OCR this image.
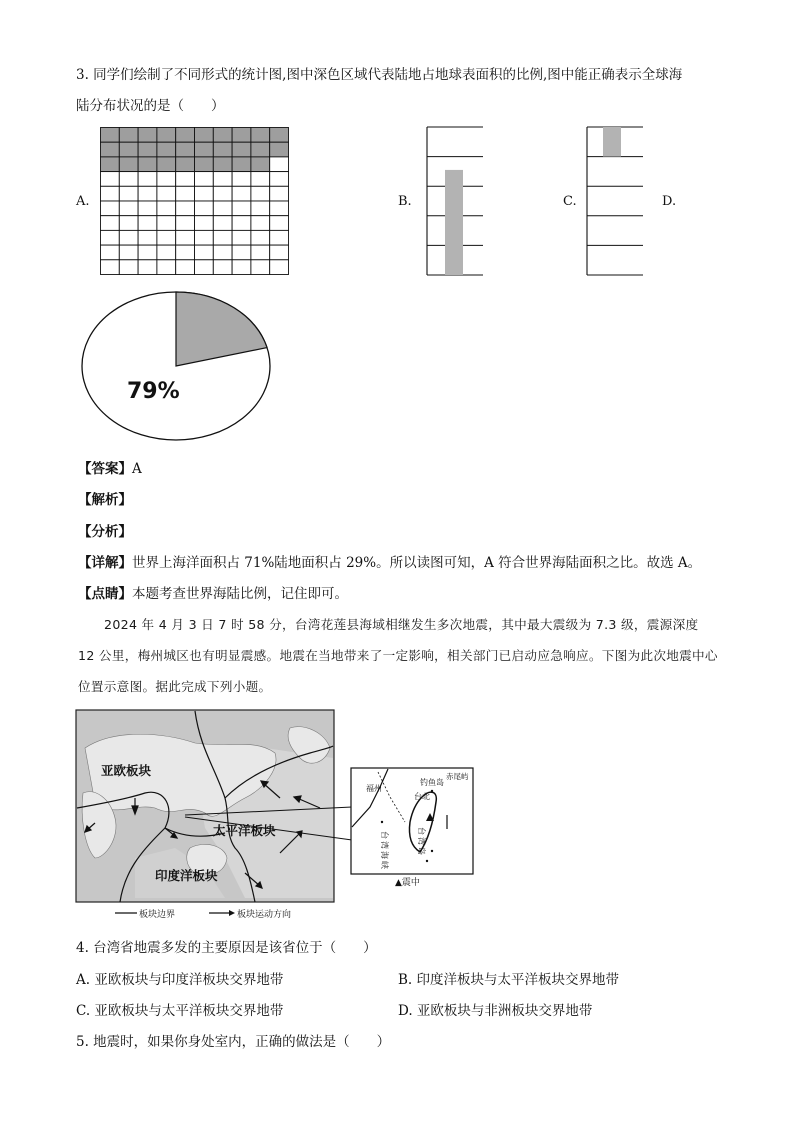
3. 同学们绘制了不同形式的统计图,图中深色区域代表陆地占地球表面积的比例,图中能正确表示全球海
陆分布状况的是（　　）
A.	B.	C.	D.
79%
【答案】A
【解析】
【分析】
【详解】世界上海洋面积占 71%陆地面积占 29%。所以读图可知，A 符合世界海陆面积之比。故选 A。
【点睛】本题考查世界海陆比例，记住即可。
2024 年 4 月 3 日 7 时 58 分，台湾花莲县海域相继发生多次地震，其中最大震级为 7.3 级，震源深度 12 公里，梅州城区也有明显震感。地震在当地带来了一定影响，相关部门已启动应急响应。下图为此次地震中心位置示意图。据此完成下列小题。
亚欧板块
太平洋板块
印度洋板块
板块边界	板块运动方向
福州
钓鱼岛
赤尾屿
台北
台湾海峡	台湾岛
▲震中
4. 台湾省地震多发的主要原因是该省位于（　　）
A. 亚欧板块与印度洋板块交界地带	B. 印度洋板块与太平洋板块交界地带
C. 亚欧板块与太平洋板块交界地带	D. 亚欧板块与非洲板块交界地带
5. 地震时，如果你身处室内，正确的做法是（　　）
